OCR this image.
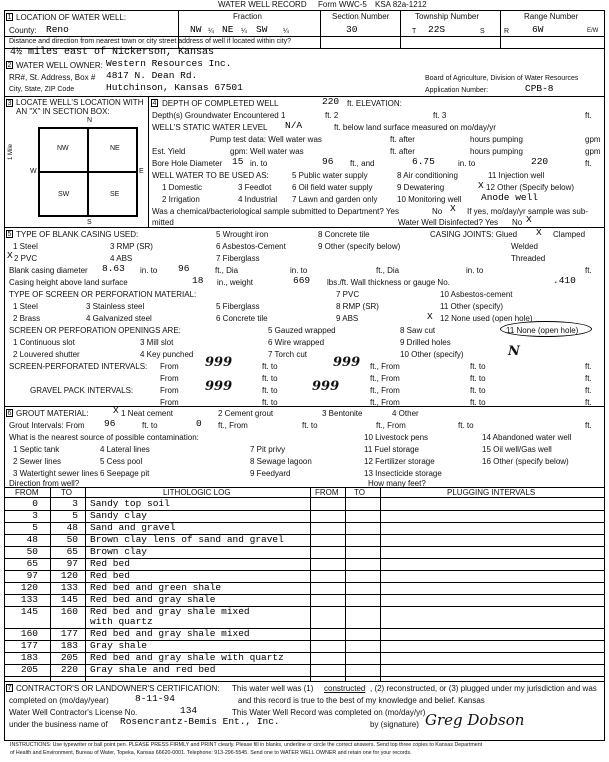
WATER WELL RECORD Form WWC-5 KSA 82a-1212
1 LOCATION OF WATER WELL:
County: Reno
Fraction
NW ¼ NE ¼ SW ¼
Section Number
30
Township Number
T 22S	S
Range Number
R 6W	E/W
Distance and direction from nearest town or city street address of well if located within city?
4½ miles east of Nickerson, Kansas
2 WATER WELL OWNER: Western Resources Inc.
RR#, St. Address, Box # 4817 N. Dean Rd.
City, State, ZIP Code	Hutchinson, Kansas 67501
Board of Agriculture, Division of Water Resources
Application Number:	CPB-8
3 LOCATE WELL'S LOCATION WITH
AN "X" IN SECTION BOX:
N
S
W	E
1 Mile	NW	NE
SW	SE
4 DEPTH OF COMPLETED WELL	220 ft. ELEVATION:
Depth(s) Groundwater Encountered 1	ft. 2	ft. 3	ft.
WELL'S STATIC WATER LEVEL N/A	ft. below land surface measured on mo/day/yr
Pump test data: Well water was	ft. after	hours pumping	gpm
Est. Yield	gpm: Well water was	ft. after	hours pumping	gpm
Bore Hole Diameter 15 in. to	96 ft., and	6.75	in. to	220	ft.
WELL WATER TO BE USED AS:
1 Domestic
2 Irrigation
3 Feedlot
4 Industrial
5 Public water supply
6 Oil field water supply
7 Lawn and garden only
8 Air conditioning
9 Dewatering
10 Monitoring well
11 Injection well
X 12 Other (Specify below)
Anode well
Was a chemical/bacteriological sample submitted to Department? Yes	No X If yes, mo/day/yr sample was sub-
mitted	Water Well Disinfected? Yes No X
5 TYPE OF BLANK CASING USED:
1 Steel
X 2 PVC
3 RMP (SR)
4 ABS
5 Wrought iron
6 Asbestos-Cement
7 Fiberglass
8 Concrete tile
9 Other (specify below)
CASING JOINTS: Glued X Clamped
Welded
Threaded
Blank casing diameter 8.63 in. to 96	ft., Dia	in. to	ft., Dia	in. to	ft.
Casing height above land surface	18 in., weight	669 lbs./ft. Wall thickness or gauge No.	.410
TYPE OF SCREEN OR PERFORATION MATERIAL:
1 Steel
2 Brass
3 Stainless steel
4 Galvanized steel
5 Fiberglass
6 Concrete tile
7 PVC
8 RMP (SR)
9 ABS
10 Asbestos-cement
11 Other (specify)
X 12 None used (open hole)
SCREEN OR PERFORATION OPENINGS ARE:
1 Continuous slot
2 Louvered shutter
3 Mill slot
4 Key punched
5 Gauzed wrapped
6 Wire wrapped
7 Torch cut
8 Saw cut
9 Drilled holes
10 Other (specify)
11 None (open hole)
N
SCREEN-PERFORATED INTERVALS: From 999	ft. to	999 ft., From	ft. to	ft.
From	ft. to	ft., From	ft. to	ft.
GRAVEL PACK INTERVALS:	From 999	ft. to	999	ft., From	ft. to	ft.
From	ft. to	ft., From	ft. to	ft.
6 GROUT MATERIAL:	X 1 Neat cement	2 Cement grout	3 Bentonite	4 Other
Grout Intervals: From 96	ft. to	0 ft., From	ft. to	ft., From	ft. to	ft.
What is the nearest source of possible contamination:	10 Livestock pens	14 Abandoned water well
1 Septic tank
2 Sewer lines
3 Watertight sewer lines
4 Lateral lines
5 Cess pool
6 Seepage pit
7 Pit privy
8 Sewage lagoon
9 Feedyard
11 Fuel storage
12 Fertilizer storage
13 Insecticide storage
15 Oil well/Gas well
16 Other (specify below)
Direction from well?	How many feet?
FROM	TO	LITHOLOGIC LOG	FROM TO	PLUGGING INTERVALS
0	3 Sandy top soil
3	5 Sandy clay
5	48 Sand and gravel
48	50 Brown clay lens of sand and gravel
50	65 Brown clay
65	97 Red bed
97	120 Red bed
120	133 Red bed and green shale
133	145 Red bed and gray shale
145	160 Red bed and gray shale mixed
with quartz
160	177 Red bed and gray shale mixed
177	183 Gray shale
183	205 Red bed and gray shale with quartz
205	220 Gray shale and red bed
7 CONTRACTOR'S OR LANDOWNER'S CERTIFICATION: This water well was (1) constructed , (2) reconstructed, or (3) plugged under my jurisdiction and was
completed on (mo/day/year)	8-11-94	and this record is true to the best of my knowledge and belief. Kansas
Water Well Contractor's License No.	134	This Water Well Record was completed on (mo/day/yr)
under the business name of Rosencrantz-Bemis Ent., Inc.	by (signature) Greg Dobson
INSTRUCTIONS: Use typewriter or ball point pen. PLEASE PRESS FIRMLY and PRINT clearly. Please fill in blanks, underline or circle the correct answers. Send top three copies to Kansas Department
of Health and Environment, Bureau of Water, Topeka, Kansas 66620-0001. Telephone: 913-296-5545. Send one to WATER WELL OWNER and retain one for your records.
